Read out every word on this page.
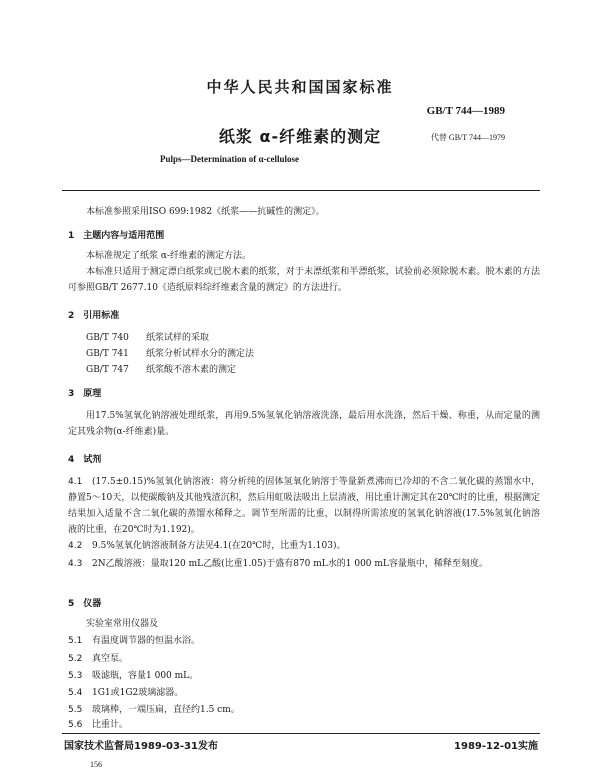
中华人民共和国国家标准
GB/T 744—1989
纸浆 α-纤维素的测定	代替 GB/T 744—1979
Pulps—Determination of α-cellulose
本标准参照采用ISO 699:1982《纸浆——抗碱性的测定》。
1　主题内容与适用范围
本标准规定了纸浆 α-纤维素的测定方法。
本标准只适用于测定漂白纸浆或已脱木素的纸浆，对于未漂纸浆和半漂纸浆，试验前必须除脱木素。脱木素的方法可参照GB/T 2677.10《造纸原料综纤维素含量的测定》的方法进行。
2　引用标准
GB/T 740 纸浆试样的采取
GB/T 741 纸浆分析试样水分的测定法
GB/T 747 纸浆酸不溶木素的测定
3　原理
用17.5%氢氧化钠溶液处理纸浆，再用9.5%氢氧化钠溶液洗涤，最后用水洗涤，然后干燥、称重，从而定量的测定其残余物(α-纤维素)量。
4　试剂
4.1 (17.5±0.15)%氢氧化钠溶液：将分析纯的固体氢氧化钠溶于等量新煮沸而已冷却的不含二氧化碳的蒸馏水中，静置5～10天，以使碳酸钠及其他残渣沉积，然后用虹吸法吸出上层清液，用比重计测定其在20℃时的比重，根据测定结果加入适量不含二氧化碳的蒸馏水稀释之。调节至所需的比重，以制得所需浓度的氢氧化钠溶液(17.5%氢氧化钠溶液的比重，在20℃时为1.192)。
4.2 9.5%氢氧化钠溶液制备方法见4.1(在20℃时，比重为1.103)。
4.3 2N乙酸溶液：量取120 mL乙酸(比重1.05)于盛有870 mL水的1 000 mL容量瓶中，稀释至刻度。
5　仪器
实验室常用仪器及
5.1 有温度调节器的恒温水浴。
5.2 真空泵。
5.3 吸滤瓶，容量1 000 mL。
5.4 1G1或1G2玻璃滤器。
5.5 玻璃棒，一端压扁，直径约1.5 cm。
5.6 比重计。
国家技术监督局1989-03-31发布	1989-12-01实施
156
